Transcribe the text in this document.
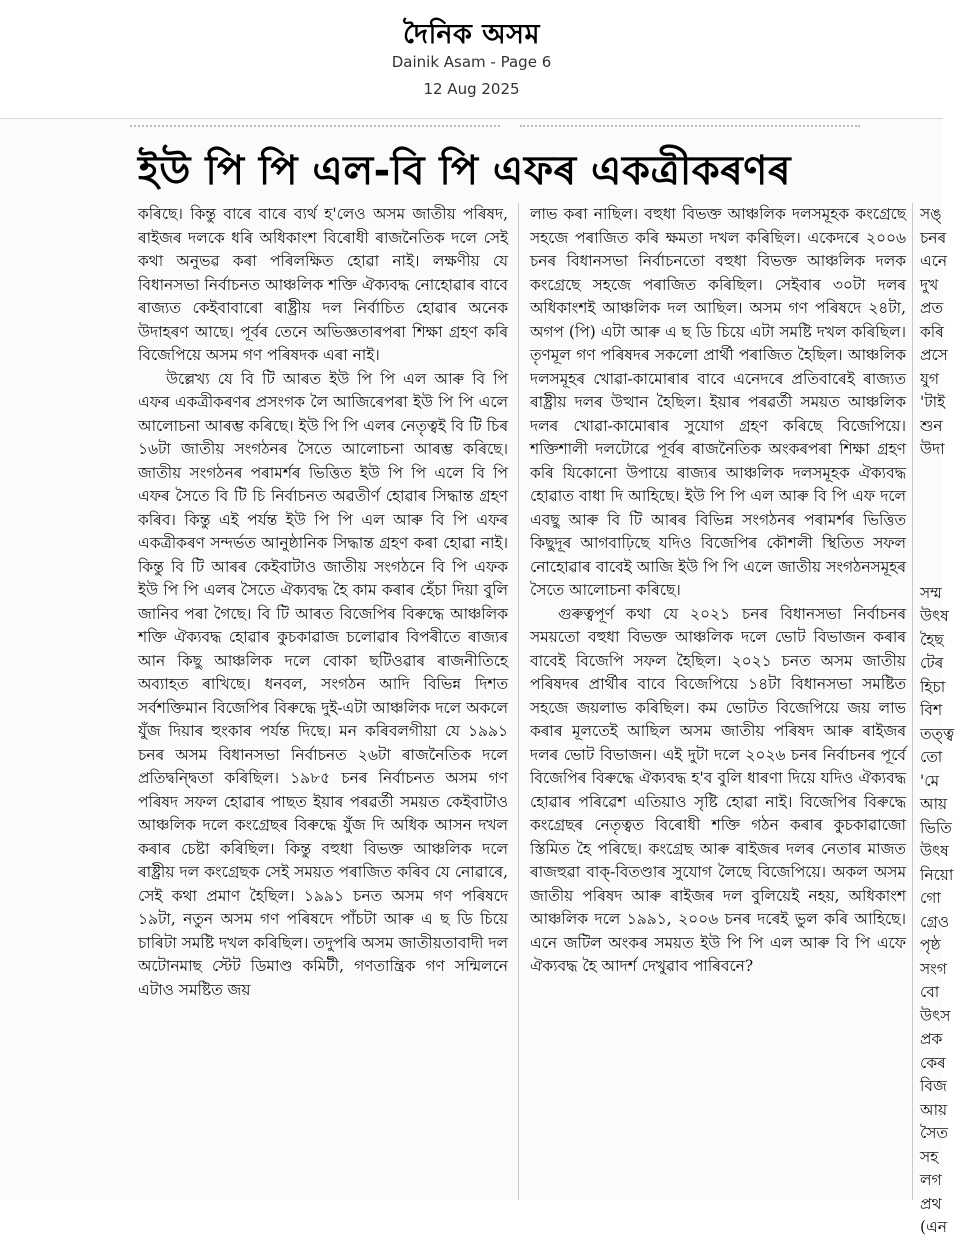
দৈনিক অসম
Dainik Asam - Page 6
12 Aug 2025
ইউ পি পি এল-বি পি এফৰ একত্ৰীকৰণৰ

কৰিছে। কিন্তু বাৰে বাৰে ব্যৰ্থ হ'লেও অসম জাতীয় পৰিষদ, ৰাইজৰ দলকে ধৰি অধিকাংশ বিৰোধী ৰাজনৈতিক দলে সেই কথা অনুভৱ কৰা পৰিলক্ষিত হোৱা নাই। লক্ষণীয় যে বিধানসভা নিৰ্বাচনত আঞ্চলিক শক্তি ঐক্যবদ্ধ নোহোৱাৰ বাবে ৰাজ্যত কেইবাবাৰো ৰাষ্ট্ৰীয় দল নিৰ্বাচিত হোৱাৰ অনেক উদাহৰণ আছে। পূৰ্বৰ তেনে অভিজ্ঞতাৰপৰা শিক্ষা গ্ৰহণ কৰি বিজেপিয়ে অসম গণ পৰিষদক এৰা নাই।

উল্লেখ্য যে বি টি আৰত ইউ পি পি এল আৰু বি পি এফৰ একত্ৰীকৰণৰ প্ৰসংগক লৈ আজিৰেপৰা ইউ পি পি এলে আলোচনা আৰম্ভ কৰিছে। ইউ পি পি এলৰ নেতৃত্বই বি টি চিৰ ১৬টা জাতীয় সংগঠনৰ সৈতে আলোচনা আৰম্ভ কৰিছে। জাতীয় সংগঠনৰ পৰামৰ্শৰ ভিত্তিত ইউ পি পি এলে বি পি এফৰ সৈতে বি টি চি নিৰ্বাচনত অৱতীৰ্ণ হোৱাৰ সিদ্ধান্ত গ্ৰহণ কৰিব। কিন্তু এই পৰ্যন্ত ইউ পি পি এল আৰু বি পি এফৰ একত্ৰীকৰণ সন্দৰ্ভত আনুষ্ঠানিক সিদ্ধান্ত গ্ৰহণ কৰা হোৱা নাই। কিন্তু বি টি আৰৰ কেইবাটাও জাতীয় সংগঠনে বি পি এফক ইউ পি পি এলৰ সৈতে ঐক্যবদ্ধ হৈ কাম কৰাৰ হেঁচা দিয়া বুলি জানিব পৰা গৈছে। বি টি আৰত বিজেপিৰ বিৰুদ্ধে আঞ্চলিক শক্তি ঐক্যবদ্ধ হোৱাৰ কুচকাৱাজ চলোৱাৰ বিপৰীতে ৰাজ্যৰ আন কিছু আঞ্চলিক দলে বোকা ছটিওৱাৰ ৰাজনীতিহে অব্যাহত ৰাখিছে। ধনবল, সংগঠন আদি বিভিন্ন দিশত সৰ্বশক্তিমান বিজেপিৰ বিৰুদ্ধে দুই-এটা আঞ্চলিক দলে অকলে যুঁজ দিয়াৰ হুংকাৰ পৰ্যন্ত দিছে। মন কৰিবলগীয়া যে ১৯৯১ চনৰ অসম বিধানসভা নিৰ্বাচনত ২৬টা ৰাজনৈতিক দলে প্ৰতিদ্বন্দ্বিতা কৰিছিল। ১৯৮৫ চনৰ নিৰ্বাচনত অসম গণ পৰিষদ সফল হোৱাৰ পাছত ইয়াৰ পৰৱৰ্তী সময়ত কেইবাটাও আঞ্চলিক দলে কংগ্ৰেছৰ বিৰুদ্ধে যুঁজ দি অধিক আসন দখল কৰাৰ চেষ্টা কৰিছিল। কিন্তু বহুধা বিভক্ত আঞ্চলিক দলে ৰাষ্ট্ৰীয় দল কংগ্ৰেছক সেই সময়ত পৰাজিত কৰিব যে নোৱাৰে, সেই কথা প্ৰমাণ হৈছিল। ১৯৯১ চনত অসম গণ পৰিষদে ১৯টা, নতুন অসম গণ পৰিষদে পাঁচটা আৰু এ ছ ডি চিয়ে চাৰিটা সমষ্টি দখল কৰিছিল। তদুপৰি অসম জাতীয়তাবাদী দল অটোনমাছ স্টেট ডিমাণ্ড কমিটী, গণতান্ত্ৰিক গণ সন্মিলনে এটাও সমষ্টিত জয়

লাভ কৰা নাছিল। বহুধা বিভক্ত আঞ্চলিক দলসমূহক কংগ্ৰেছে সহজে পৰাজিত কৰি ক্ষমতা দখল কৰিছিল। একেদৰে ২০০৬ চনৰ বিধানসভা নিৰ্বাচনতো বহুধা বিভক্ত আঞ্চলিক দলক কংগ্ৰেছে সহজে পৰাজিত কৰিছিল। সেইবাৰ ৩০টা দলৰ অধিকাংশই আঞ্চলিক দল আছিল। অসম গণ পৰিষদে ২৪টা, অগপ (পি) এটা আৰু এ ছ ডি চিয়ে এটা সমষ্টি দখল কৰিছিল। তৃণমূল গণ পৰিষদৰ সকলো প্ৰাৰ্থী পৰাজিত হৈছিল। আঞ্চলিক দলসমূহৰ খোৱা-কামোৰাৰ বাবে এনেদৰে প্ৰতিবাৰেই ৰাজ্যত ৰাষ্ট্ৰীয় দলৰ উত্থান হৈছিল। ইয়াৰ পৰৱৰ্তী সময়ত আঞ্চলিক দলৰ খোৱা-কামোৰাৰ সুযোগ গ্ৰহণ কৰিছে বিজেপিয়ে। শক্তিশালী দলটোৱে পূৰ্বৰ ৰাজনৈতিক অংকৰপৰা শিক্ষা গ্ৰহণ কৰি যিকোনো উপায়ে ৰাজ্যৰ আঞ্চলিক দলসমূহক ঐক্যবদ্ধ হোৱাত বাধা দি আহিছে। ইউ পি পি এল আৰু বি পি এফ দলে এবছু আৰু বি টি আৰৰ বিভিন্ন সংগঠনৰ পৰামৰ্শৰ ভিত্তিত কিছুদূৰ আগবাঢ়িছে যদিও বিজেপিৰ কৌশলী স্থিতিত সফল নোহোৱাৰ বাবেই আজি ইউ পি পি এলে জাতীয় সংগঠনসমূহৰ সৈতে আলোচনা কৰিছে।

গুৰুত্বপূৰ্ণ কথা যে ২০২১ চনৰ বিধানসভা নিৰ্বাচনৰ সময়তো বহুধা বিভক্ত আঞ্চলিক দলে ভোট বিভাজন কৰাৰ বাবেই বিজেপি সফল হৈছিল। ২০২১ চনত অসম জাতীয় পৰিষদৰ প্ৰাৰ্থীৰ বাবে বিজেপিয়ে ১৪টা বিধানসভা সমষ্টিত সহজে জয়লাভ কৰিছিল। কম ভোটত বিজেপিয়ে জয় লাভ কৰাৰ মূলতেই আছিল অসম জাতীয় পৰিষদ আৰু ৰাইজৰ দলৰ ভোট বিভাজন। এই দুটা দলে ২০২৬ চনৰ নিৰ্বাচনৰ পূৰ্বে বিজেপিৰ বিৰুদ্ধে ঐক্যবদ্ধ হ'ব বুলি ধাৰণা দিয়ে যদিও ঐক্যবদ্ধ হোৱাৰ পৰিৱেশ এতিয়াও সৃষ্টি হোৱা নাই। বিজেপিৰ বিৰুদ্ধে কংগ্ৰেছৰ নেতৃত্বত বিৰোধী শক্তি গঠন কৰাৰ কুচকাৱাজো স্তিমিত হৈ পৰিছে। কংগ্ৰেছ আৰু ৰাইজৰ দলৰ নেতাৰ মাজত ৰাজহুৱা বাক্-বিতণ্ডাৰ সুযোগ লৈছে বিজেপিয়ে। অকল অসম জাতীয় পৰিষদ আৰু ৰাইজৰ দল বুলিয়েই নহয়, অধিকাংশ আঞ্চলিক দলে ১৯৯১, ২০০৬ চনৰ দৰেই ভুল কৰি আহিছে। এনে জটিল অংকৰ সময়ত ইউ পি পি এল আৰু বি পি এফে ঐক্যবদ্ধ হৈ আদৰ্শ দেখুৱাব পাৰিবনে?

সঙ্
চনৰ
এনে
দুখ
প্ৰত
কৰি
প্ৰসে
যুগ
'টাই
শুন
উদা
সম্ম
উৎষ
হৈছ
টেৰ
হিচা
বিশ
তত্ত্ব
তো
'মে
আয়
ভিতি
উৎষ
নিয়ো
গো
গ্ৰেও
পৃষ্ঠ
সংগ
বো
উৎস
প্ৰক
কেৰ
বিজ
আয়
সৈত
সহ
লগ
প্ৰথ
(এন
